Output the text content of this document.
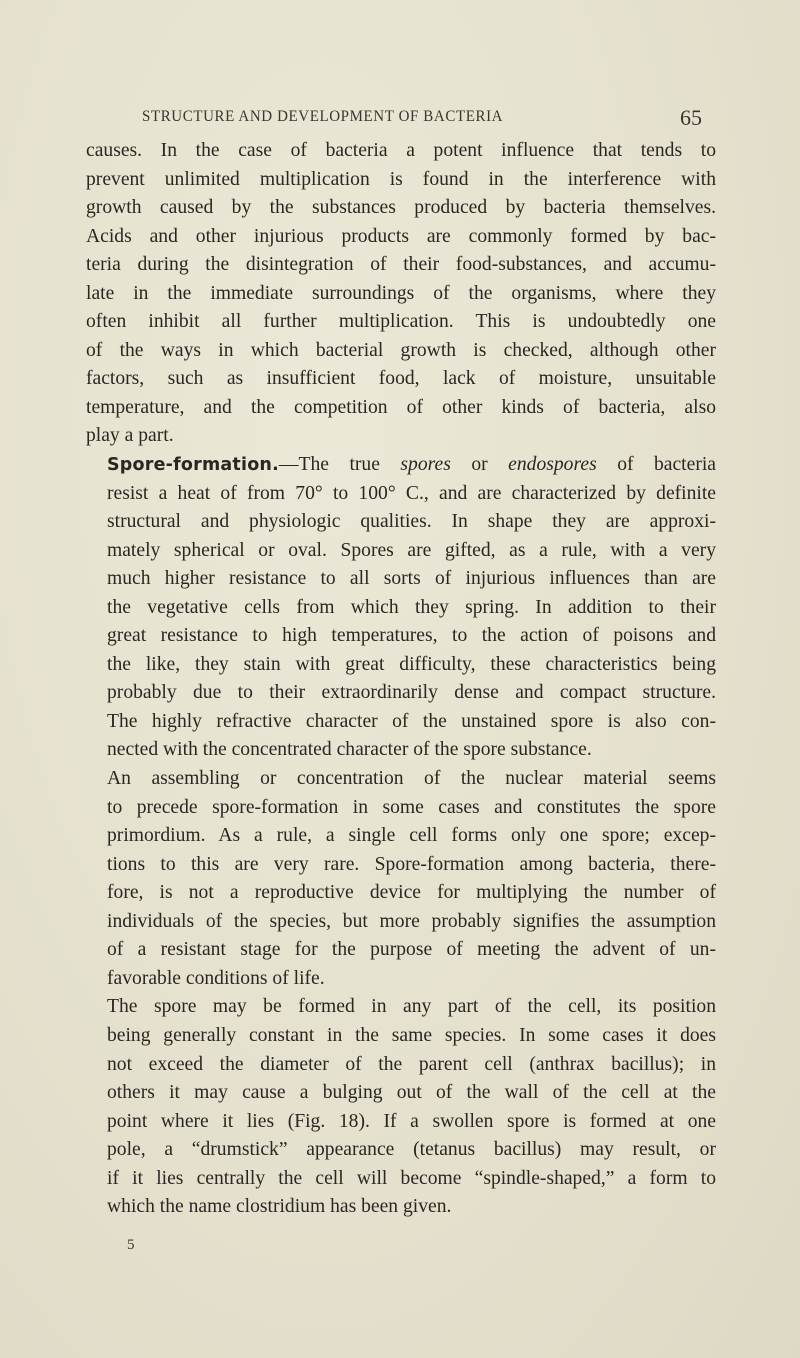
STRUCTURE AND DEVELOPMENT OF BACTERIA	65

causes. In the case of bacteria a potent influence that tends to
prevent unlimited multiplication is found in the interference with
growth caused by the substances produced by bacteria themselves.
Acids and other injurious products are commonly formed by bac-
teria during the disintegration of their food-substances, and accumu-
late in the immediate surroundings of the organisms, where they
often inhibit all further multiplication. This is undoubtedly one
of the ways in which bacterial growth is checked, although other
factors, such as insufficient food, lack of moisture, unsuitable
temperature, and the competition of other kinds of bacteria, also
play a part.

Spore-formation.—The true spores or endospores of bacteria
resist a heat of from 70° to 100° C., and are characterized by definite
structural and physiologic qualities. In shape they are approxi-
mately spherical or oval. Spores are gifted, as a rule, with a very
much higher resistance to all sorts of injurious influences than are
the vegetative cells from which they spring. In addition to their
great resistance to high temperatures, to the action of poisons and
the like, they stain with great difficulty, these characteristics being
probably due to their extraordinarily dense and compact structure.
The highly refractive character of the unstained spore is also con-
nected with the concentrated character of the spore substance.

An assembling or concentration of the nuclear material seems
to precede spore-formation in some cases and constitutes the spore
primordium. As a rule, a single cell forms only one spore; excep-
tions to this are very rare. Spore-formation among bacteria, there-
fore, is not a reproductive device for multiplying the number of
individuals of the species, but more probably signifies the assumption
of a resistant stage for the purpose of meeting the advent of un-
favorable conditions of life.

The spore may be formed in any part of the cell, its position
being generally constant in the same species. In some cases it does
not exceed the diameter of the parent cell (anthrax bacillus); in
others it may cause a bulging out of the wall of the cell at the
point where it lies (Fig. 18). If a swollen spore is formed at one
pole, a “drumstick” appearance (tetanus bacillus) may result, or
if it lies centrally the cell will become “spindle-shaped,” a form to
which the name clostridium has been given.

5
